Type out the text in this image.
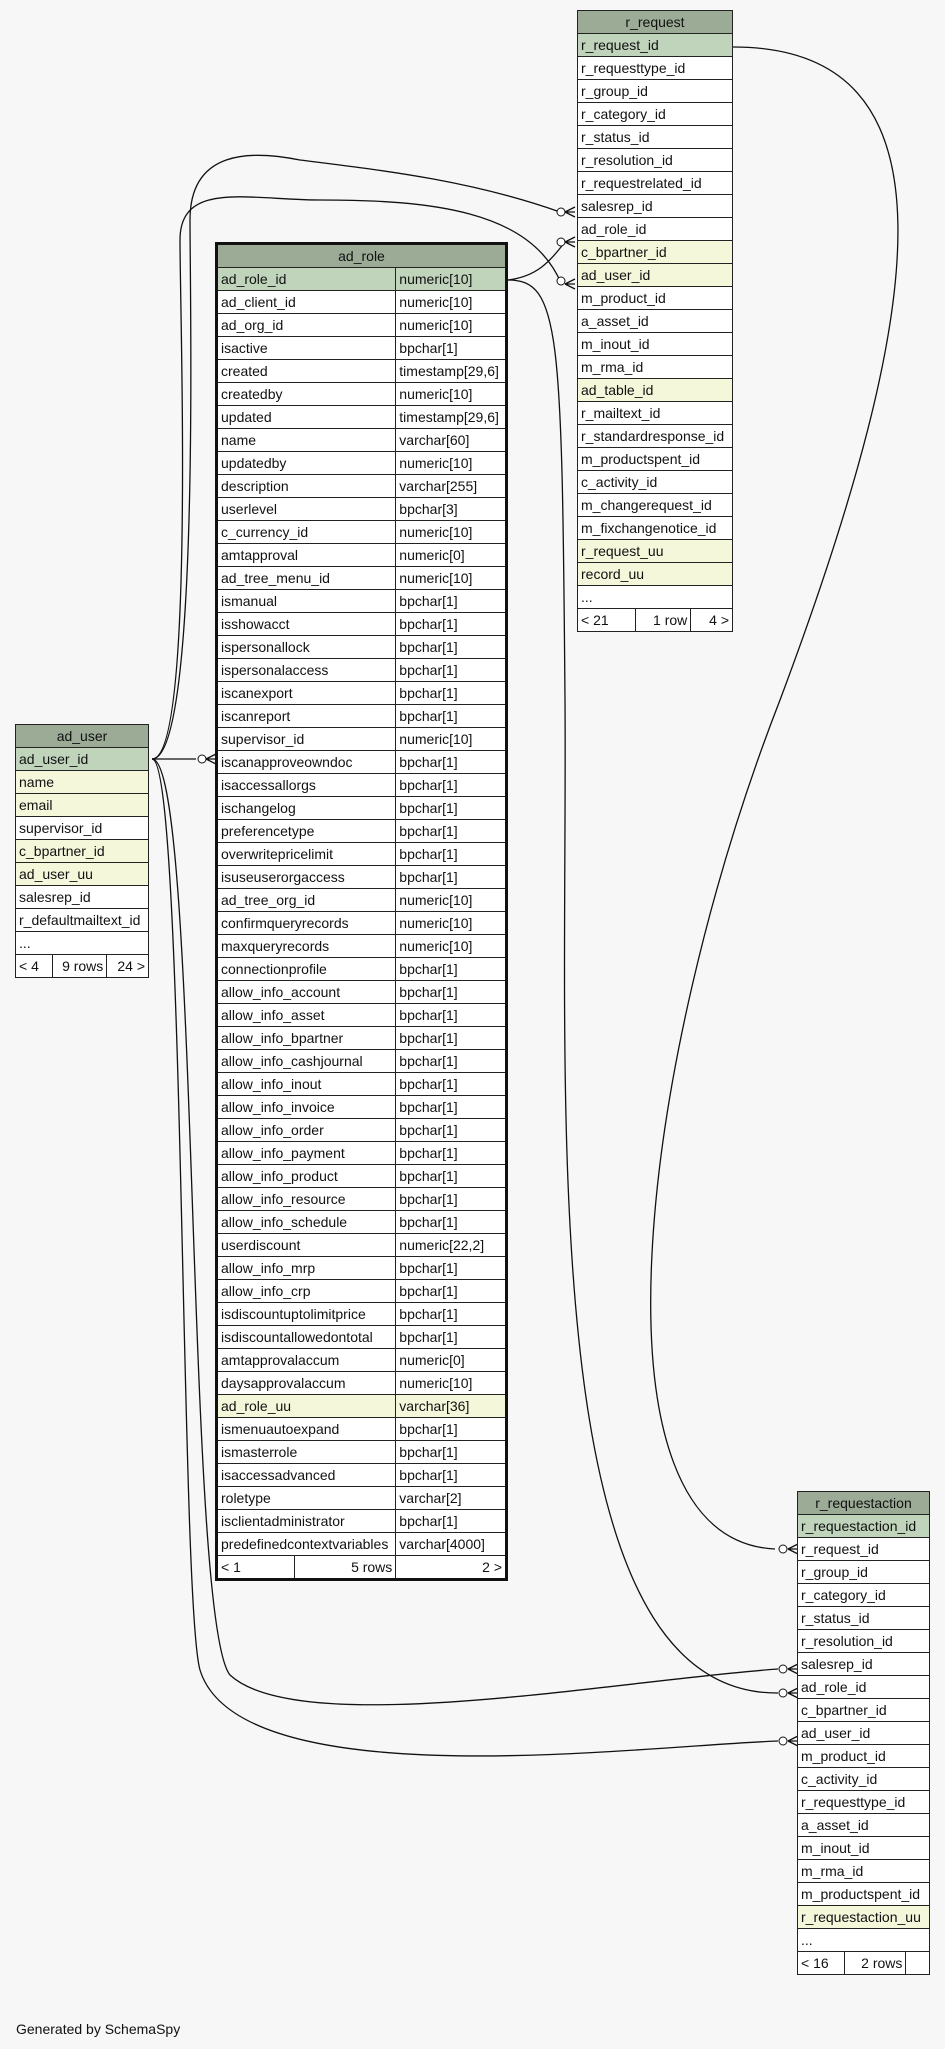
r_request
r_request_id
r_requesttype_id
r_group_id
r_category_id
r_status_id
r_resolution_id
r_requestrelated_id
salesrep_id
ad_role_id
c_bpartner_id
ad_user_id
m_product_id
a_asset_id
m_inout_id
m_rma_id
ad_table_id
r_mailtext_id
r_standardresponse_id
m_productspent_id
c_activity_id
m_changerequest_id
m_fixchangenotice_id
r_request_uu
record_uu
...
< 21	1 row	4 >
ad_role		
ad_role_id		numeric[10]
ad_client_id		numeric[10]
ad_org_id		numeric[10]
isactive		bpchar[1]
created		timestamp[29,6]
createdby		numeric[10]
updated		timestamp[29,6]
name		varchar[60]
updatedby		numeric[10]
description		varchar[255]
userlevel		bpchar[3]
c_currency_id		numeric[10]
amtapproval		numeric[0]
ad_tree_menu_id		numeric[10]
ismanual		bpchar[1]
isshowacct		bpchar[1]
ispersonallock		bpchar[1]
ispersonalaccess		bpchar[1]
iscanexport		bpchar[1]
iscanreport		bpchar[1]
supervisor_id		numeric[10]
iscanapproveowndoc		bpchar[1]
isaccessallorgs		bpchar[1]
ischangelog		bpchar[1]
preferencetype		bpchar[1]
overwritepricelimit		bpchar[1]
isuseuserorgaccess		bpchar[1]
ad_tree_org_id		numeric[10]
confirmqueryrecords		numeric[10]
maxqueryrecords		numeric[10]
connectionprofile		bpchar[1]
allow_info_account		bpchar[1]
allow_info_asset		bpchar[1]
allow_info_bpartner		bpchar[1]
allow_info_cashjournal		bpchar[1]
allow_info_inout		bpchar[1]
allow_info_invoice		bpchar[1]
allow_info_order		bpchar[1]
allow_info_payment		bpchar[1]
allow_info_product		bpchar[1]
allow_info_resource		bpchar[1]
allow_info_schedule		bpchar[1]
userdiscount		numeric[22,2]
allow_info_mrp		bpchar[1]
allow_info_crp		bpchar[1]
isdiscountuptolimitprice		bpchar[1]
isdiscountallowedontotal		bpchar[1]
amtapprovalaccum		numeric[0]
daysapprovalaccum		numeric[10]
ad_role_uu		varchar[36]
ismenuautoexpand		bpchar[1]
ismasterrole		bpchar[1]
isaccessadvanced		bpchar[1]
roletype		varchar[2]
isclientadministrator		bpchar[1]
predefinedcontextvariables		varchar[4000]
< 1	5 rows	2 >
ad_user
ad_user_id
name
email
supervisor_id
c_bpartner_id
ad_user_uu
salesrep_id
r_defaultmailtext_id
...
< 4	9 rows	24 >
r_requestaction
r_requestaction_id
r_request_id
r_group_id
r_category_id
r_status_id
r_resolution_id
salesrep_id
ad_role_id
c_bpartner_id
ad_user_id
m_product_id
c_activity_id
r_requesttype_id
a_asset_id
m_inout_id
m_rma_id
m_productspent_id
r_requestaction_uu
...
< 16	2 rows	
Generated by SchemaSpy
